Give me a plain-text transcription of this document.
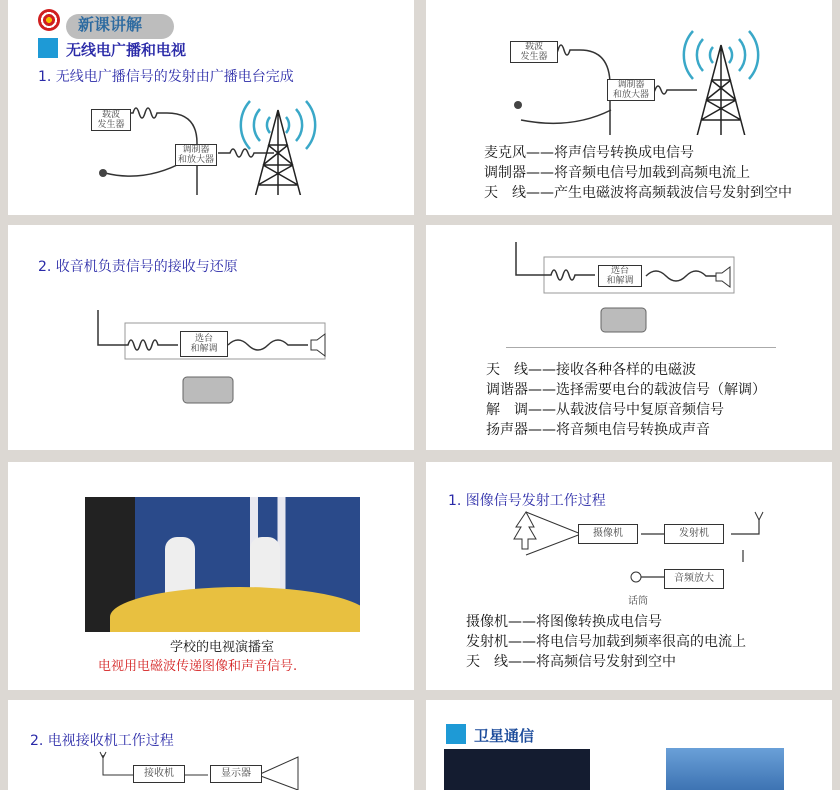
新课讲解
无线电广播和电视
1. 无线电广播信号的发射由广播电台完成
载波
发生器
调制器
和放大器
载波
发生器
调制器
和放大器
麦克风——将声信号转换成电信号
调制器——将音频电信号加载到高频电流上
天　线——产生电磁波将高频载波信号发射到空中
2. 收音机负责信号的接收与还原
选台
和解调
选台
和解调
天　线——接收各种各样的电磁波
调谐器——选择需要电台的载波信号（解调）
解　调——从载波信号中复原音频信号
扬声器——将音频电信号转换成声音
学校的电视演播室
电视用电磁波传递图像和声音信号.
1. 图像信号发射工作过程
摄像机	发射机
音频放大
话筒
摄像机——将图像转换成电信号
发射机——将电信号加载到频率很高的电流上
天　线——将高频信号发射到空中
2. 电视接收机工作过程
接收机	显示器
卫星通信
